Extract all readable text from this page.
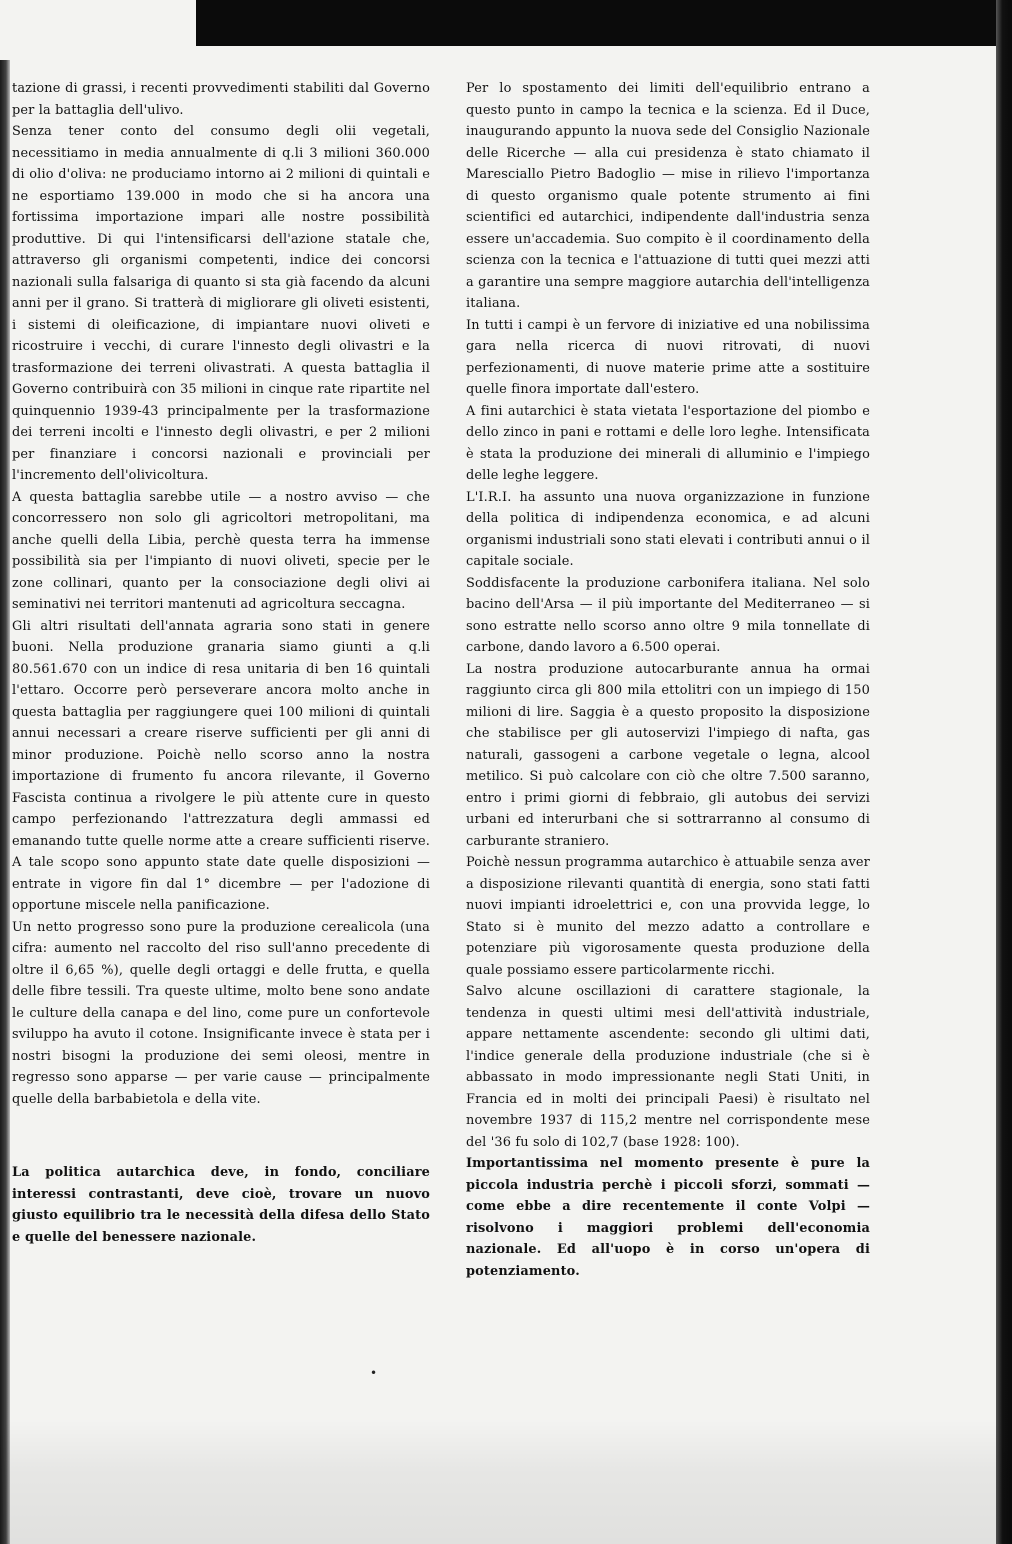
tazione di grassi, i recenti provvedimenti stabiliti dal Governo per la battaglia dell'ulivo.

Senza tener conto del consumo degli olii vegetali, necessitiamo in media annualmente di q.li 3 milioni 360.000 di olio d'oliva: ne produciamo intorno ai 2 milioni di quintali e ne esportiamo 139.000 in modo che si ha ancora una fortissima importazione impari alle nostre possibilità produttive. Di qui l'intensificarsi dell'azione statale che, attraverso gli organismi competenti, indice dei concorsi nazionali sulla falsariga di quanto si sta già facendo da alcuni anni per il grano. Si tratterà di migliorare gli oliveti esistenti, i sistemi di oleificazione, di impiantare nuovi oliveti e ricostruire i vecchi, di curare l'innesto degli olivastri e la trasformazione dei terreni olivastrati. A questa battaglia il Governo contribuirà con 35 milioni in cinque rate ripartite nel quinquennio 1939-43 principalmente per la trasformazione dei terreni incolti e l'innesto degli olivastri, e per 2 milioni per finanziare i concorsi nazionali e provinciali per l'incremento dell'olivicoltura.

A questa battaglia sarebbe utile — a nostro avviso — che concorressero non solo gli agricoltori metropolitani, ma anche quelli della Libia, perchè questa terra ha immense possibilità sia per l'impianto di nuovi oliveti, specie per le zone collinari, quanto per la consociazione degli olivi ai seminativi nei territori mantenuti ad agricoltura seccagna.

Gli altri risultati dell'annata agraria sono stati in genere buoni. Nella produzione granaria siamo giunti a q.li 80.561.670 con un indice di resa unitaria di ben 16 quintali l'ettaro. Occorre però perseverare ancora molto anche in questa battaglia per raggiungere quei 100 milioni di quintali annui necessari a creare riserve sufficienti per gli anni di minor produzione. Poichè nello scorso anno la nostra importazione di frumento fu ancora rilevante, il Governo Fascista continua a rivolgere le più attente cure in questo campo perfezionando l'attrezzatura degli ammassi ed emanando tutte quelle norme atte a creare sufficienti riserve. A tale scopo sono appunto state date quelle disposizioni — entrate in vigore fin dal 1° dicembre — per l'adozione di opportune miscele nella panificazione.

Un netto progresso sono pure la produzione cerealicola (una cifra: aumento nel raccolto del riso sull'anno precedente di oltre il 6,65 %), quelle degli ortaggi e delle frutta, e quella delle fibre tessili. Tra queste ultime, molto bene sono andate le culture della canapa e del lino, come pure un confortevole sviluppo ha avuto il cotone. Insignificante invece è stata per i nostri bisogni la produzione dei semi oleosi, mentre in regresso sono apparse — per varie cause — principalmente quelle della barbabietola e della vite.

La politica autarchica deve, in fondo, conciliare interessi contrastanti, deve cioè, trovare un nuovo giusto equilibrio tra le necessità della difesa dello Stato e quelle del benessere nazionale.

•

Per lo spostamento dei limiti dell'equilibrio entrano a questo punto in campo la tecnica e la scienza. Ed il Duce, inaugurando appunto la nuova sede del Consiglio Nazionale delle Ricerche — alla cui presidenza è stato chiamato il Maresciallo Pietro Badoglio — mise in rilievo l'importanza di questo organismo quale potente strumento ai fini scientifici ed autarchici, indipendente dall'industria senza essere un'accademia. Suo compito è il coordinamento della scienza con la tecnica e l'attuazione di tutti quei mezzi atti a garantire una sempre maggiore autarchia dell'intelligenza italiana.

In tutti i campi è un fervore di iniziative ed una nobilissima gara nella ricerca di nuovi ritrovati, di nuovi perfezionamenti, di nuove materie prime atte a sostituire quelle finora importate dall'estero.

A fini autarchici è stata vietata l'esportazione del piombo e dello zinco in pani e rottami e delle loro leghe. Intensificata è stata la produzione dei minerali di alluminio e l'impiego delle leghe leggere.

L'I.R.I. ha assunto una nuova organizzazione in funzione della politica di indipendenza economica, e ad alcuni organismi industriali sono stati elevati i contributi annui o il capitale sociale.

Soddisfacente la produzione carbonifera italiana. Nel solo bacino dell'Arsa — il più importante del Mediterraneo — si sono estratte nello scorso anno oltre 9 mila tonnellate di carbone, dando lavoro a 6.500 operai.

La nostra produzione autocarburante annua ha ormai raggiunto circa gli 800 mila ettolitri con un impiego di 150 milioni di lire. Saggia è a questo proposito la disposizione che stabilisce per gli autoservizi l'impiego di nafta, gas naturali, gassogeni a carbone vegetale o legna, alcool metilico. Si può calcolare con ciò che oltre 7.500 saranno, entro i primi giorni di febbraio, gli autobus dei servizi urbani ed interurbani che si sottrarranno al consumo di carburante straniero.

Poichè nessun programma autarchico è attuabile senza aver a disposizione rilevanti quantità di energia, sono stati fatti nuovi impianti idroelettrici e, con una provvida legge, lo Stato si è munito del mezzo adatto a controllare e potenziare più vigorosamente questa produzione della quale possiamo essere particolarmente ricchi.

Salvo alcune oscillazioni di carattere stagionale, la tendenza in questi ultimi mesi dell'attività industriale, appare nettamente ascendente: secondo gli ultimi dati, l'indice generale della produzione industriale (che si è abbassato in modo impressionante negli Stati Uniti, in Francia ed in molti dei principali Paesi) è risultato nel novembre 1937 di 115,2 mentre nel corrispondente mese del '36 fu solo di 102,7 (base 1928: 100).

Importantissima nel momento presente è pure la piccola industria perchè i piccoli sforzi, sommati — come ebbe a dire recentemente il conte Volpi — risolvono i maggiori problemi dell'economia nazionale. Ed all'uopo è in corso un'opera di potenziamento.
